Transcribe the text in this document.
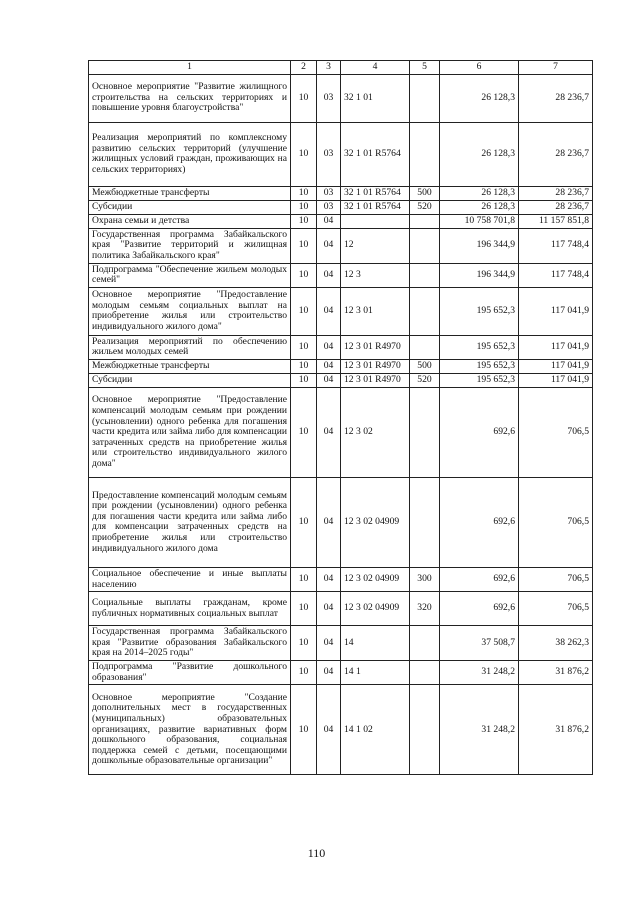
1	2	3	4	5	6	7
Основное мероприятие "Развитие жилищного строительства на сельских территориях и повышение уровня благоустройства"	10	03	32 1 01		26 128,3	28 236,7
Реализация мероприятий по комплексному развитию сельских территорий (улучшение жилищных условий граждан, проживающих на сельских территориях)	10	03	32 1 01 R5764		26 128,3	28 236,7
Межбюджетные трансферты	10	03	32 1 01 R5764	500	26 128,3	28 236,7
Субсидии	10	03	32 1 01 R5764	520	26 128,3	28 236,7
Охрана семьи и детства	10	04			10 758 701,8	11 157 851,8
Государственная программа Забайкальского края "Развитие территорий и жилищная политика Забайкальского края"	10	04	12		196 344,9	117 748,4
Подпрограмма "Обеспечение жильем молодых семей"	10	04	12 3		196 344,9	117 748,4
Основное мероприятие "Предоставление молодым семьям социальных выплат на приобретение жилья или строительство индивидуального жилого дома"	10	04	12 3 01		195 652,3	117 041,9
Реализация мероприятий по обеспечению жильем молодых семей	10	04	12 3 01 R4970		195 652,3	117 041,9
Межбюджетные трансферты	10	04	12 3 01 R4970	500	195 652,3	117 041,9
Субсидии	10	04	12 3 01 R4970	520	195 652,3	117 041,9
Основное мероприятие "Предоставление компенсаций молодым семьям при рождении (усыновлении) одного ребенка для погашения части кредита или займа либо для компенсации затраченных средств на приобретение жилья или строительство индивидуального жилого дома"	10	04	12 3 02		692,6	706,5
Предоставление компенсаций молодым семьям при рождении (усыновлении) одного ребенка для погашения части кредита или займа либо для компенсации затраченных средств на приобретение жилья или строительство индивидуального жилого дома	10	04	12 3 02 04909		692,6	706,5
Социальное обеспечение и иные выплаты населению	10	04	12 3 02 04909	300	692,6	706,5
Социальные выплаты гражданам, кроме публичных нормативных социальных выплат	10	04	12 3 02 04909	320	692,6	706,5
Государственная программа Забайкальского края "Развитие образования Забайкальского края на 2014–2025 годы"	10	04	14		37 508,7	38 262,3
Подпрограмма "Развитие дошкольного образования"	10	04	14 1		31 248,2	31 876,2
Основное мероприятие "Создание дополнительных мест в государственных (муниципальных) образовательных организациях, развитие вариативных форм дошкольного образования, социальная поддержка семей с детьми, посещающими дошкольные образовательные организации"	10	04	14 1 02		31 248,2	31 876,2
110
